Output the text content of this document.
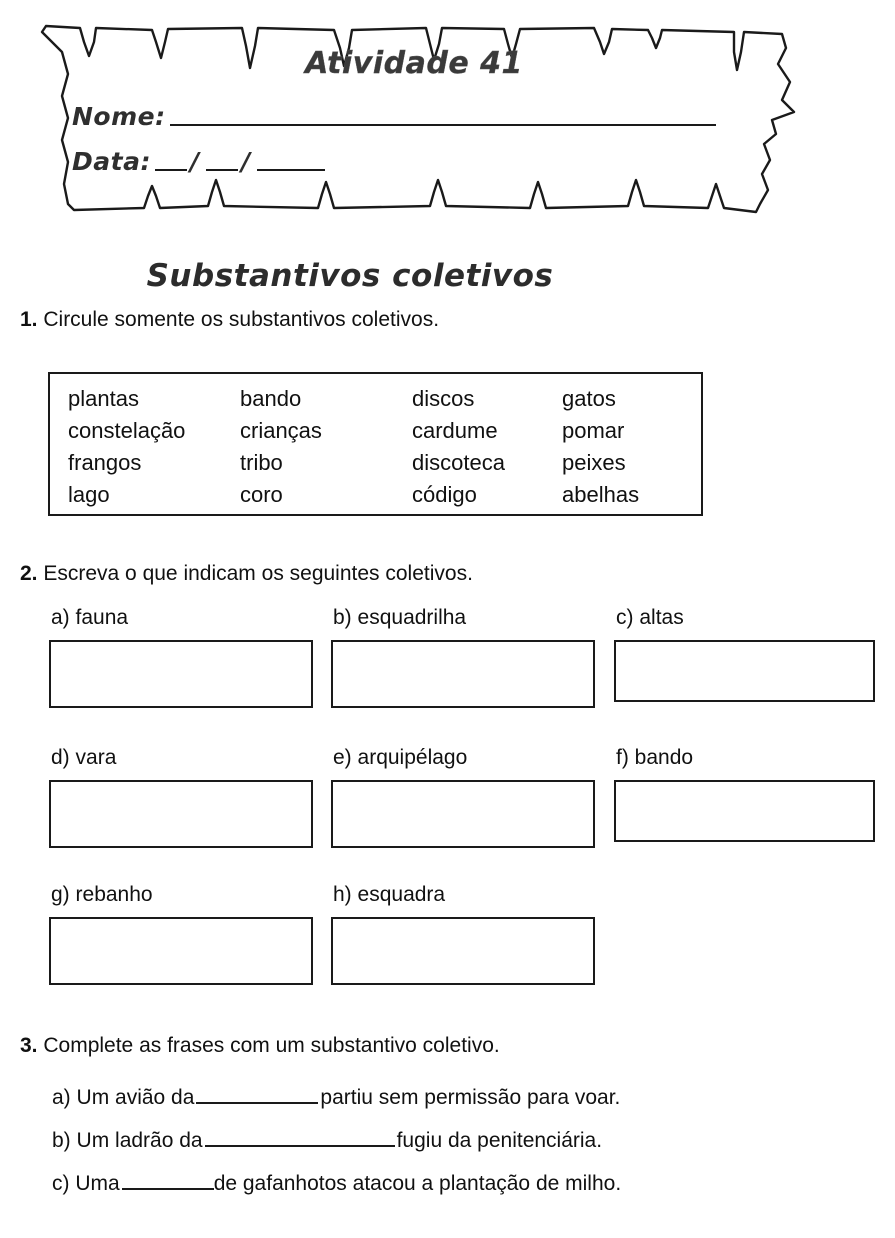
Atividade 41
Nome:
Data: / /
Substantivos coletivos
1. Circule somente os substantivos coletivos.
plantas	bando	discos	gatos
constelação	crianças	cardume	pomar
frangos	tribo	discoteca	peixes
lago	coro	código	abelhas
2. Escreva o que indicam os seguintes coletivos.
a) fauna	b) esquadrilha	c) altas
d) vara	e) arquipélago	f) bando
g) rebanho	h) esquadra
3. Complete as frases com um substantivo coletivo.
a)
Um avião da	partiu sem permissão para voar.
b)
Um ladrão da	fugiu da penitenciária.
c)
Uma	de gafanhotos atacou a plantação de milho.
